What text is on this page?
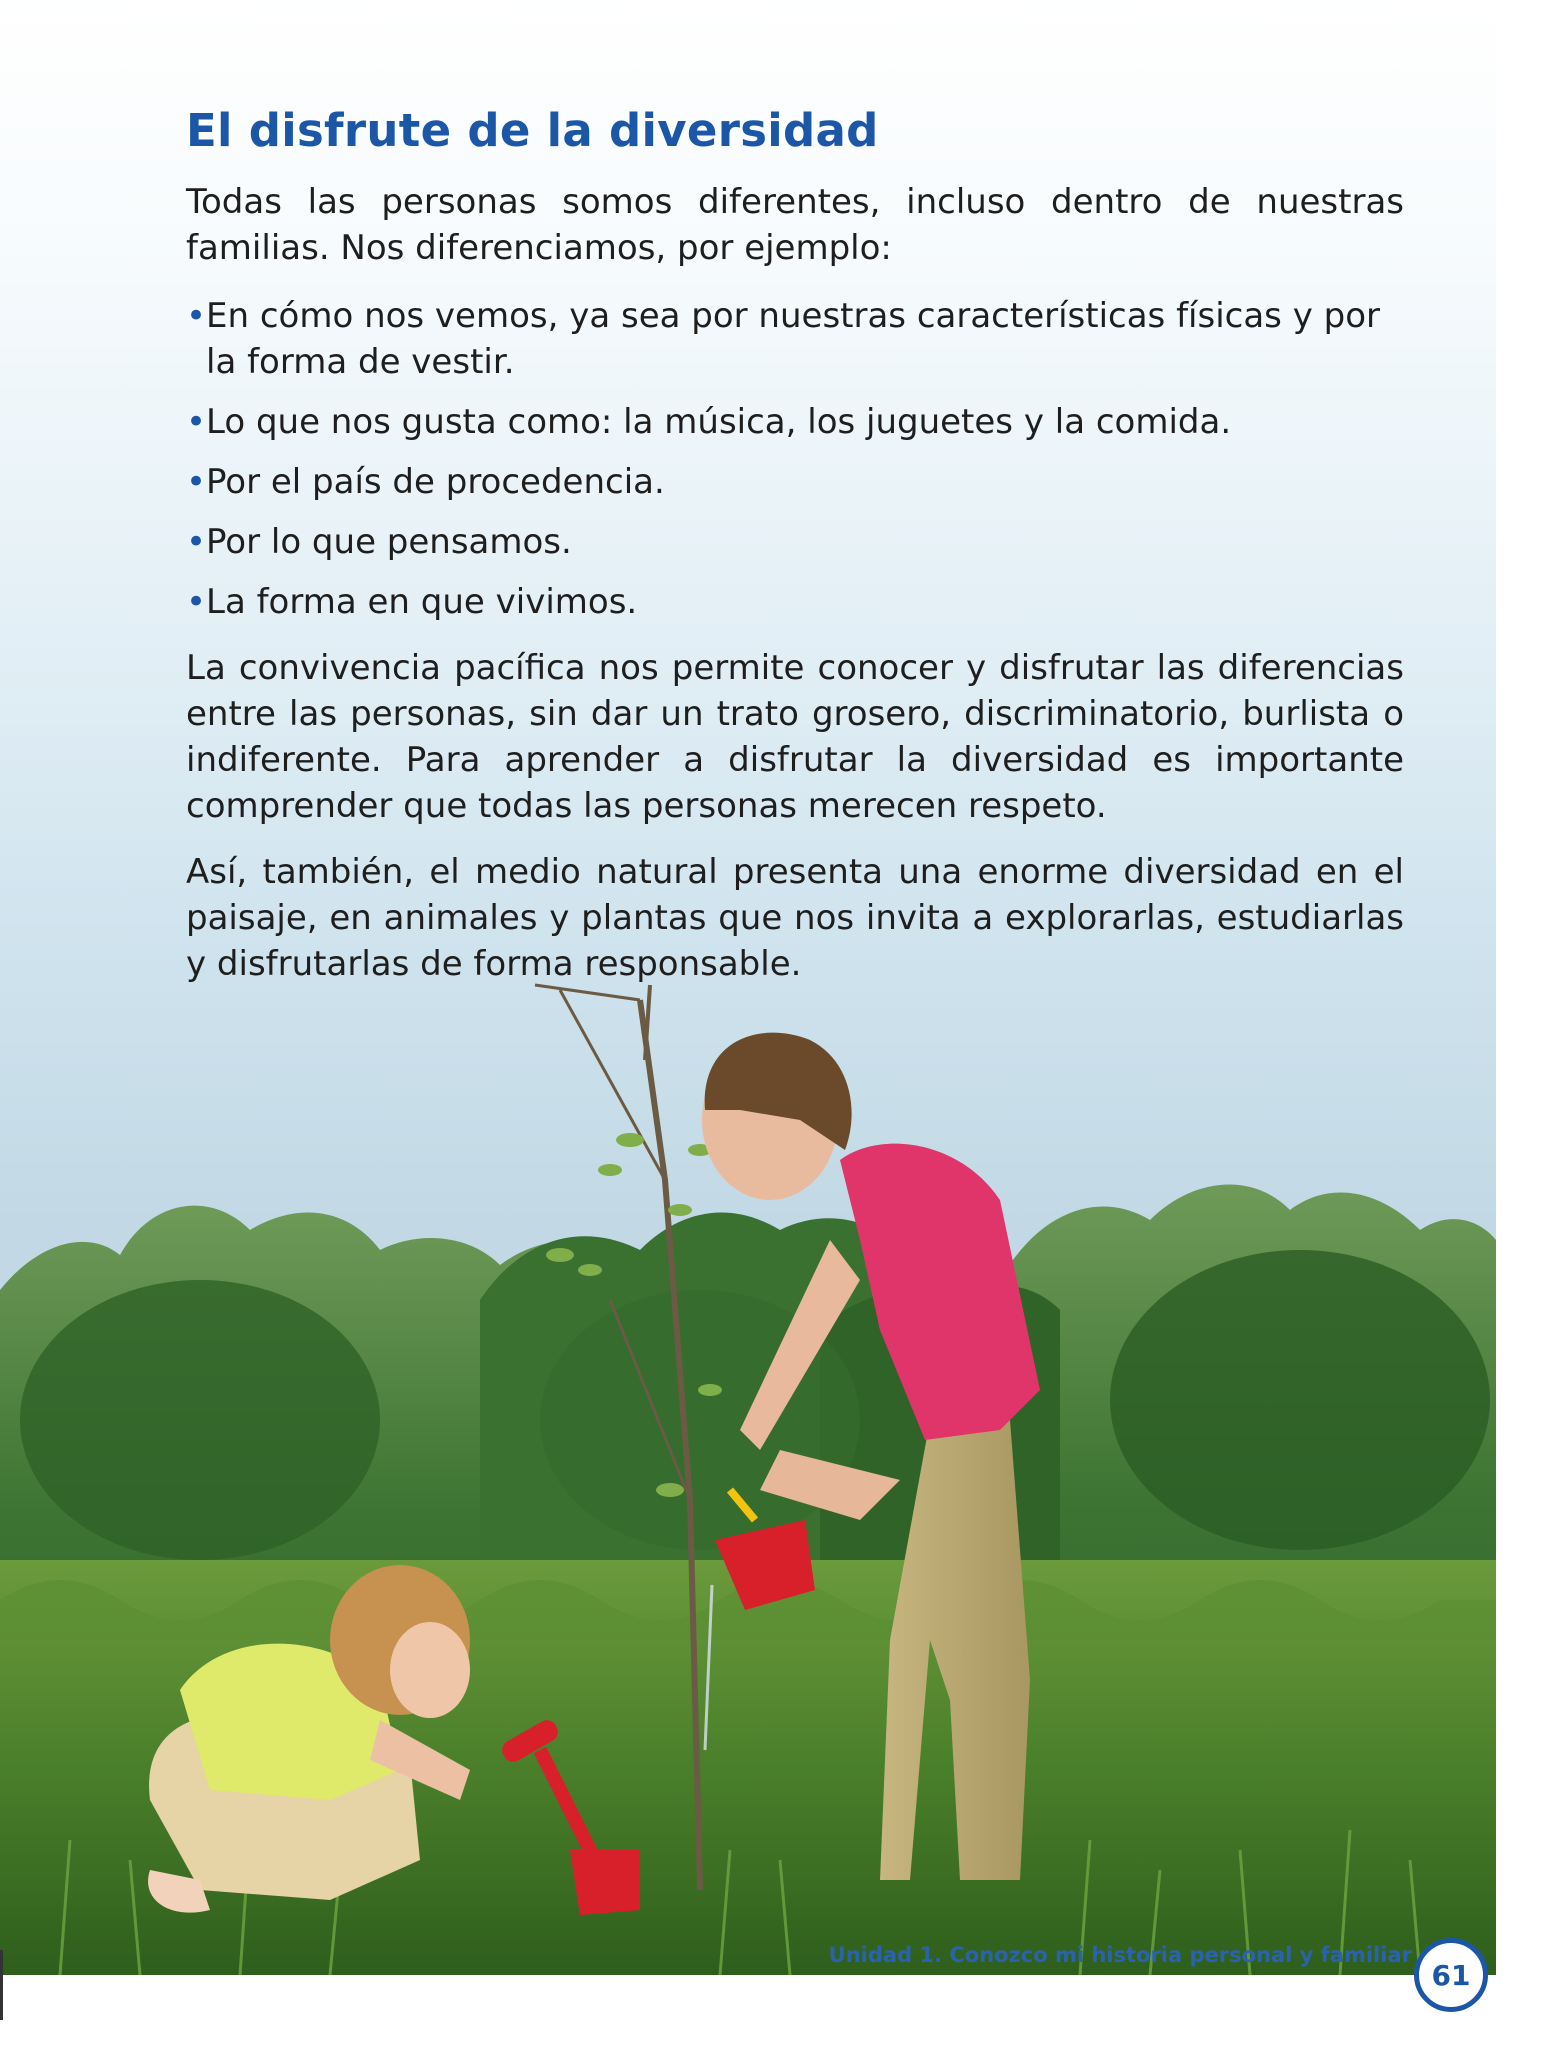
El disfrute de la diversidad

Todas las personas somos diferentes, incluso dentro de nuestras familias. Nos diferenciamos, por ejemplo:

• En cómo nos vemos, ya sea por nuestras características físicas y por la forma de vestir.
• Lo que nos gusta como: la música, los juguetes y la comida.
• Por el país de procedencia.
• Por lo que pensamos.
• La forma en que vivimos.

La convivencia pacífica nos permite conocer y disfrutar las diferencias entre las personas, sin dar un trato grosero, discriminatorio, burlista o indiferente. Para aprender a disfrutar la diversidad es importante comprender que todas las personas merecen respeto.

Así, también, el medio natural presenta una enorme diversidad en el paisaje, en animales y plantas que nos invita a explorarlas, estudiarlas y disfrutarlas de forma responsable.

Unidad 1. Conozco mi historia personal y familiar
61
